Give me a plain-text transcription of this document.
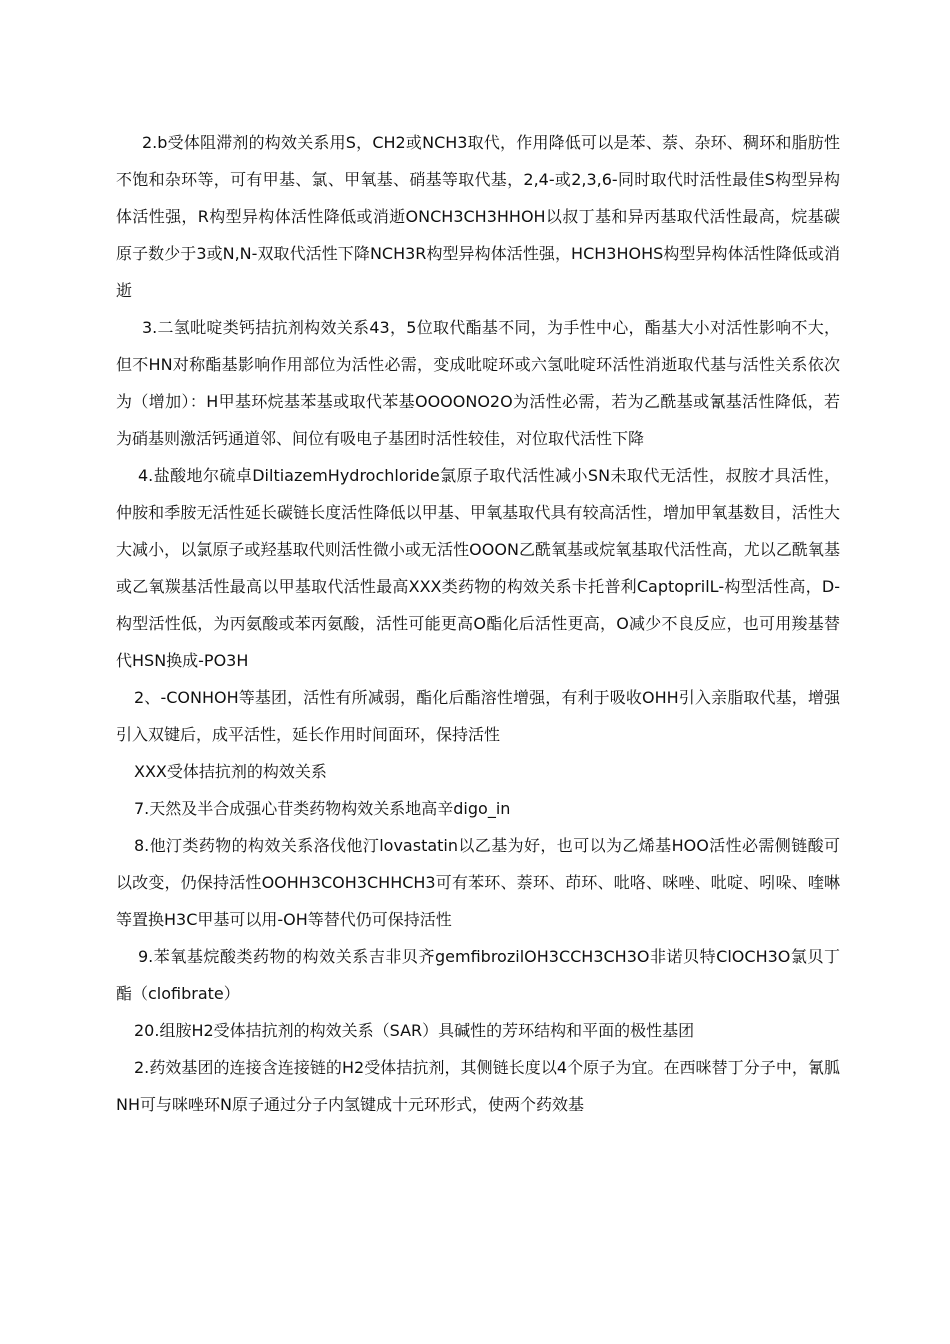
2.b受体阻滞剂的构效关系用S，CH2或NCH3取代，作用降低可以是苯、萘、杂环、稠环和脂肪性不饱和杂环等，可有甲基、氯、甲氧基、硝基等取代基，2,4-或2,3,6-同时取代时活性最佳S构型异构体活性强，R构型异构体活性降低或消逝ONCH3CH3HHOH以叔丁基和异丙基取代活性最高，烷基碳原子数少于3或N,N-双取代活性下降NCH3R构型异构体活性强，HCH3HOHS构型异构体活性降低或消逝

3.二氢吡啶类钙拮抗剂构效关系43，5位取代酯基不同，为手性中心，酯基大小对活性影响不大，但不HN对称酯基影响作用部位为活性必需，变成吡啶环或六氢吡啶环活性消逝取代基与活性关系依次为（增加）：H甲基环烷基苯基或取代苯基OOOONO2O为活性必需，若为乙酰基或氰基活性降低，若为硝基则激活钙通道邻、间位有吸电子基团时活性较佳，对位取代活性下降

4.盐酸地尔硫卓DiltiazemHydrochloride氯原子取代活性减小SN未取代无活性，叔胺才具活性，仲胺和季胺无活性延长碳链长度活性降低以甲基、甲氧基取代具有较高活性，增加甲氧基数目，活性大大减小，以氯原子或羟基取代则活性微小或无活性OOON乙酰氧基或烷氧基取代活性高，尤以乙酰氧基或乙氧羰基活性最高以甲基取代活性最高XXX类药物的构效关系卡托普利CaptoprilL-构型活性高，D-构型活性低，为丙氨酸或苯丙氨酸，活性可能更高O酯化后活性更高，O减少不良反应，也可用羧基替代HSN换成-PO3H

2、-CONHOH等基团，活性有所减弱，酯化后酯溶性增强，有利于吸收OHH引入亲脂取代基，增强引入双键后，成平活性，延长作用时间面环，保持活性

XXX受体拮抗剂的构效关系

7.天然及半合成强心苷类药物构效关系地高辛digo_in

8.他汀类药物的构效关系洛伐他汀lovastatin以乙基为好，也可以为乙烯基HOO活性必需侧链酸可以改变，仍保持活性OOHH3COH3CHHCH3可有苯环、萘环、茚环、吡咯、咪唑、吡啶、吲哚、喹啉等置换H3C甲基可以用-OH等替代仍可保持活性

9.苯氧基烷酸类药物的构效关系吉非贝齐gemfibrozilOH3CCH3CH3O非诺贝特ClOCH3O氯贝丁酯（clofibrate）

20.组胺H2受体拮抗剂的构效关系（SAR）具碱性的芳环结构和平面的极性基团

2.药效基团的连接含连接链的H2受体拮抗剂，其侧链长度以4个原子为宜。在西咪替丁分子中，氰胍NH可与咪唑环N原子通过分子内氢键成十元环形式，使两个药效基
